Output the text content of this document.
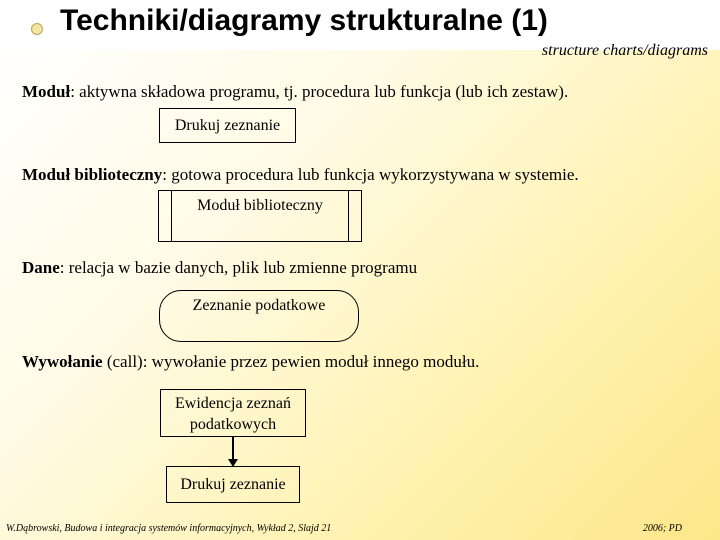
Techniki/diagramy strukturalne (1)
structure charts/diagrams
Moduł: aktywna składowa programu, tj. procedura lub funkcja (lub ich zestaw).
Drukuj zeznanie
Moduł biblioteczny: gotowa procedura lub funkcja wykorzystywana w systemie.
Moduł biblioteczny
Dane: relacja w bazie danych, plik lub zmienne programu
Zeznanie podatkowe
Wywołanie (call): wywołanie przez pewien moduł innego modułu.
Ewidencja zeznań
podatkowych
Drukuj zeznanie
W.Dąbrowski, Budowa i integracja systemów informacyjnych, Wykład 2, Slajd 21	2006; PD
